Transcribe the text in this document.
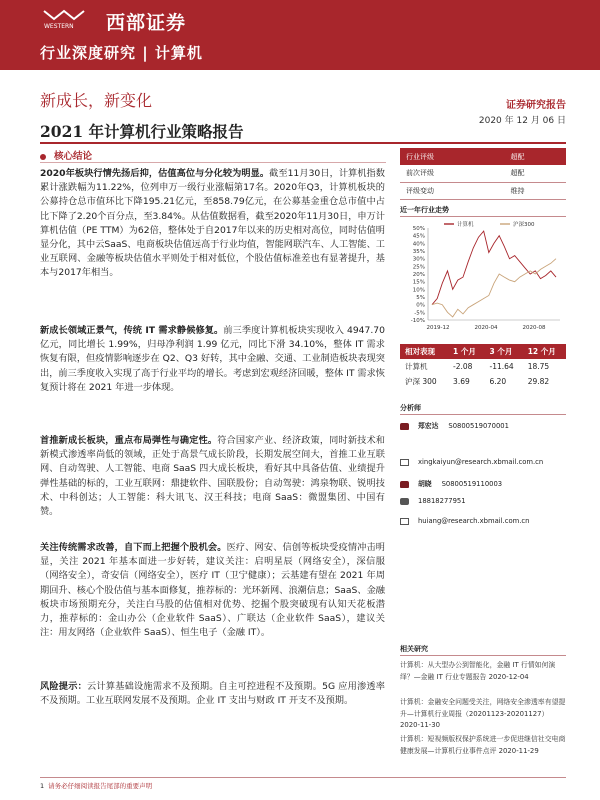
WESTERN 西部证券
行业深度研究 | 计算机
新成长，新变化	证券研究报告
2020 年 12 月 06 日
2021 年计算机行业策略报告
核心结论

2020年板块行情先扬后抑，估值高位与分化较为明显。截至11月30日，计算机指数累计涨跌幅为11.22%，位列申万一级行业涨幅第17名。2020年Q3，计算机板块的公募持仓总市值环比下降195.21亿元，至858.79亿元，在公募基金重仓总市值中占比下降了2.20个百分点，至3.84%。从估值数据看，截至2020年11月30日，申万计算机估值（PE TTM）为62倍，整体处于自2017年以来的历史相对高位，同时估值明显分化，其中云SaaS、电商板块估值远高于行业均值，智能网联汽车、人工智能、工业互联网、金融等板块估值水平则处于相对低位，个股估值标准差也有显著提升，基本与2017年相当。

新成长领域正景气，传统 IT 需求静候修复。前三季度计算机板块实现收入 4947.70 亿元，同比增长 1.99%，归母净利润 1.99 亿元，同比下滑 34.10%，整体 IT 需求恢复有限，但疫情影响逐步在 Q2、Q3 好转，其中金融、交通、工业制造板块表现突出，前三季度收入实现了高于行业平均的增长。考虑到宏观经济回暖，整体 IT 需求恢复预计将在 2021 年进一步体现。

首推新成长板块，重点布局弹性与确定性。符合国家产业、经济政策，同时新技术和新模式渗透率尚低的领域，正处于高景气成长阶段，长期发展空间大，首推工业互联网、自动驾驶、人工智能、电商 SaaS 四大成长板块，看好其中具备估值、业绩提升弹性基础的标的，工业互联网：鼎捷软件、国联股份；自动驾驶：鸿泉物联、锐明技术、中科创达；人工智能：科大讯飞、汉王科技；电商 SaaS：微盟集团、中国有赞。

关注传统需求改善，自下而上把握个股机会。医疗、网安、信创等板块受疫情冲击明显，关注 2021 年基本面进一步好转，建议关注：启明星辰（网络安全），深信服（网络安全），奇安信（网络安全），医疗 IT（卫宁健康）；云基建有望在 2021 年周期回升、核心个股估值与基本面修复，推荐标的：光环新网、浪潮信息；SaaS、金融板块市场预期充分，关注白马股的估值相对优势、挖掘个股突破现有认知天花板潜力，推荐标的：金山办公（企业软件 SaaS）、广联达（企业软件 SaaS），建议关注：用友网络（企业软件 SaaS）、恒生电子（金融 IT）。

风险提示：云计算基础设施需求不及预期。自主可控进程不及预期。5G 应用渗透率不及预期。工业互联网发展不及预期。企业 IT 支出与财政 IT 开支不及预期。

行业评级	超配
前次评级	超配
评级变动	维持
近一年行业走势
50%
45%
40%
35%
30%
25%
20%
15%
10%
5%
0%
-5%
-10%
2019-12	2020-04	2020-08
计算机	沪深300
相对表现	1 个月	3 个月	12 个月
计算机	-2.08	-11.64	18.75
沪深 300	3.69	6.20	29.82
分析师
郑宏达 S0800519070001
xingkaiyun@research.xbmail.com.cn
胡晓 S0800519110003
18818277951
huiang@research.xbmail.com.cn
相关研究
计算机：从大型办公到智能化，金融 IT 行情如何演绎？—金融 IT 行业专题报告 2020-12-04
计算机：金融安全问题受关注，网络安全渗透率有望提升—计算机行业周报（20201123-20201127） 2020-11-30
计算机：短视频版权保护系统进一步促进继信社交电商健康发展—计算机行业事件点评 2020-11-29
1 请务必仔细阅读报告尾部的重要声明
